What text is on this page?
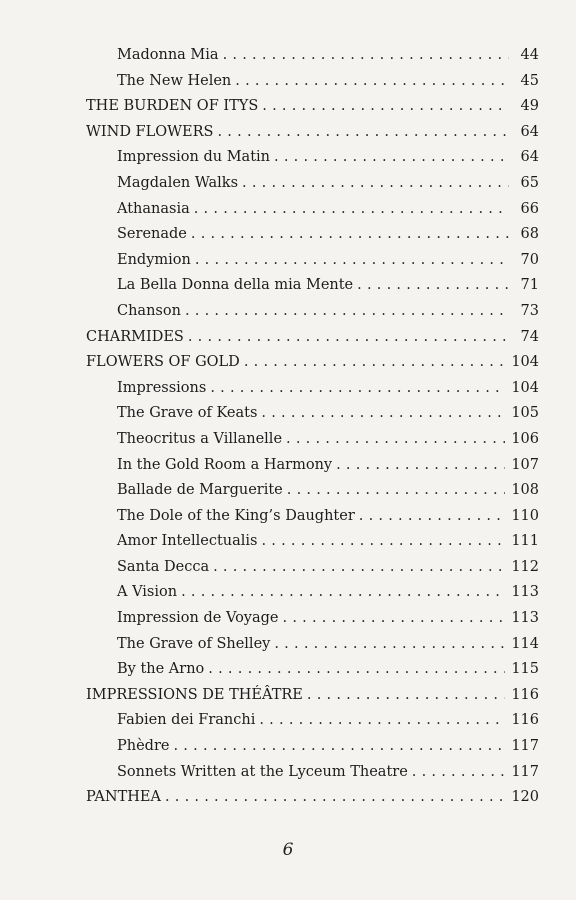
Madonna Mia . . .	44
The New Helen . . .	45
THE BURDEN OF ITYS . . .	49
WIND FLOWERS . . .	64
Impression du Matin . . .	64
Magdalen Walks . . .	65
Athanasia . . .	66
Serenade . . .	68
Endymion . . .	70
La Bella Donna della mia Mente . . .	71
Chanson . . .	73
CHARMIDES . . .	74
FLOWERS OF GOLD . . .	104
Impressions . . .	104
The Grave of Keats . . .	105
Theocritus a Villanelle . . .	106
In the Gold Room a Harmony . . .	107
Ballade de Marguerite . . .	108
The Dole of the King’s Daughter . . .	110
Amor Intellectualis . . .	111
Santa Decca . . .	112
A Vision . . .	113
Impression de Voyage . . .	113
The Grave of Shelley . . .	114
By the Arno . . .	115
IMPRESSIONS DE THÉÂTRE . . .	116
Fabien dei Franchi . . .	116
Phèdre . . .	117
Sonnets Written at the Lyceum Theatre . . .	117
PANTHEA . . .	120
6
